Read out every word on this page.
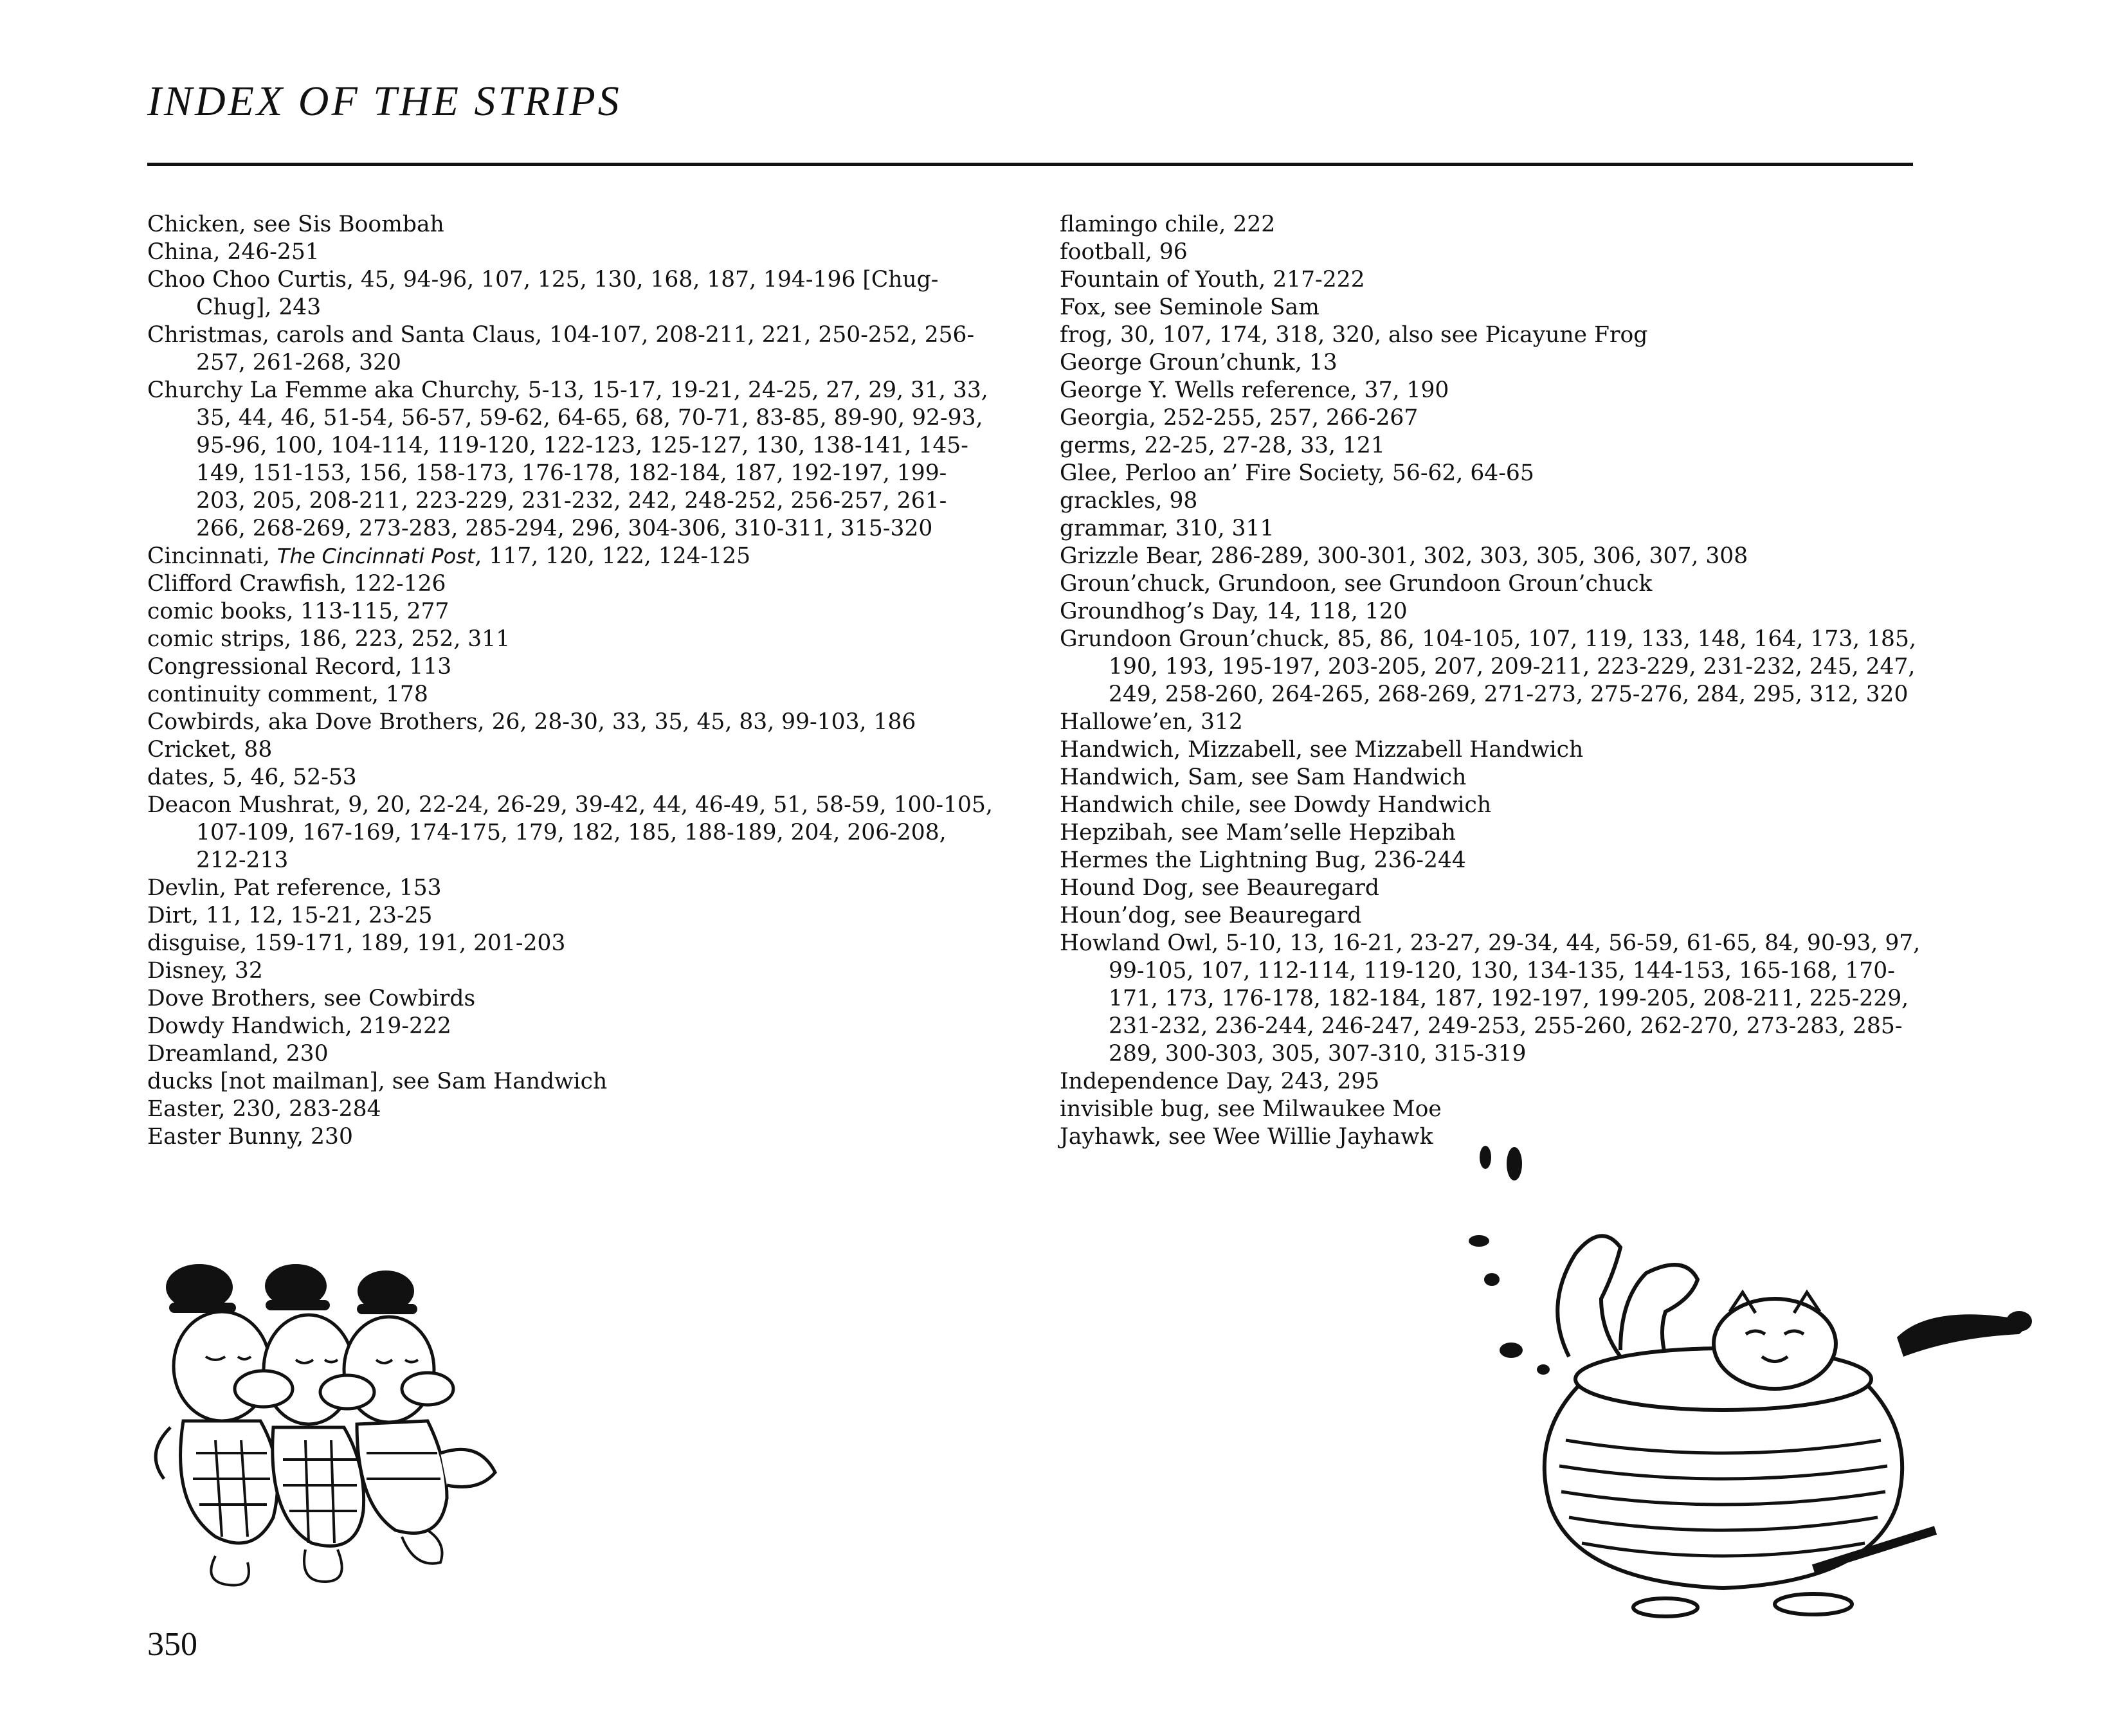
INDEX OF THE STRIPS
Chicken, see Sis Boombah
China, 246-251
Choo Choo Curtis, 45, 94-96, 107, 125, 130, 168, 187, 194-196 [Chug-Chug], 243
Christmas, carols and Santa Claus, 104-107, 208-211, 221, 250-252, 256-257, 261-268, 320
Churchy La Femme aka Churchy, 5-13, 15-17, 19-21, 24-25, 27, 29, 31, 33, 35, 44, 46, 51-54, 56-57, 59-62, 64-65, 68, 70-71, 83-85, 89-90, 92-93, 95-96, 100, 104-114, 119-120, 122-123, 125-127, 130, 138-141, 145-149, 151-153, 156, 158-173, 176-178, 182-184, 187, 192-197, 199-203, 205, 208-211, 223-229, 231-232, 242, 248-252, 256-257, 261-266, 268-269, 273-283, 285-294, 296, 304-306, 310-311, 315-320
Cincinnati, The Cincinnati Post, 117, 120, 122, 124-125
Clifford Crawfish, 122-126
comic books, 113-115, 277
comic strips, 186, 223, 252, 311
Congressional Record, 113
continuity comment, 178
Cowbirds, aka Dove Brothers, 26, 28-30, 33, 35, 45, 83, 99-103, 186
Cricket, 88
dates, 5, 46, 52-53
Deacon Mushrat, 9, 20, 22-24, 26-29, 39-42, 44, 46-49, 51, 58-59, 100-105, 107-109, 167-169, 174-175, 179, 182, 185, 188-189, 204, 206-208, 212-213
Devlin, Pat reference, 153
Dirt, 11, 12, 15-21, 23-25
disguise, 159-171, 189, 191, 201-203
Disney, 32
Dove Brothers, see Cowbirds
Dowdy Handwich, 219-222
Dreamland, 230
ducks [not mailman], see Sam Handwich
Easter, 230, 283-284
Easter Bunny, 230
flamingo chile, 222
football, 96
Fountain of Youth, 217-222
Fox, see Seminole Sam
frog, 30, 107, 174, 318, 320, also see Picayune Frog
George Groun’chunk, 13
George Y. Wells reference, 37, 190
Georgia, 252-255, 257, 266-267
germs, 22-25, 27-28, 33, 121
Glee, Perloo an’ Fire Society, 56-62, 64-65
grackles, 98
grammar, 310, 311
Grizzle Bear, 286-289, 300-301, 302, 303, 305, 306, 307, 308
Groun’chuck, Grundoon, see Grundoon Groun’chuck
Groundhog’s Day, 14, 118, 120
Grundoon Groun’chuck, 85, 86, 104-105, 107, 119, 133, 148, 164, 173, 185, 190, 193, 195-197, 203-205, 207, 209-211, 223-229, 231-232, 245, 247, 249, 258-260, 264-265, 268-269, 271-273, 275-276, 284, 295, 312, 320
Hallowe’en, 312
Handwich, Mizzabell, see Mizzabell Handwich
Handwich, Sam, see Sam Handwich
Handwich chile, see Dowdy Handwich
Hepzibah, see Mam’selle Hepzibah
Hermes the Lightning Bug, 236-244
Hound Dog, see Beauregard
Houn’dog, see Beauregard
Howland Owl, 5-10, 13, 16-21, 23-27, 29-34, 44, 56-59, 61-65, 84, 90-93, 97, 99-105, 107, 112-114, 119-120, 130, 134-135, 144-153, 165-168, 170-171, 173, 176-178, 182-184, 187, 192-197, 199-205, 208-211, 225-229, 231-232, 236-244, 246-247, 249-253, 255-260, 262-270, 273-283, 285-289, 300-303, 305, 307-310, 315-319
Independence Day, 243, 295
invisible bug, see Milwaukee Moe
Jayhawk, see Wee Willie Jayhawk
350
